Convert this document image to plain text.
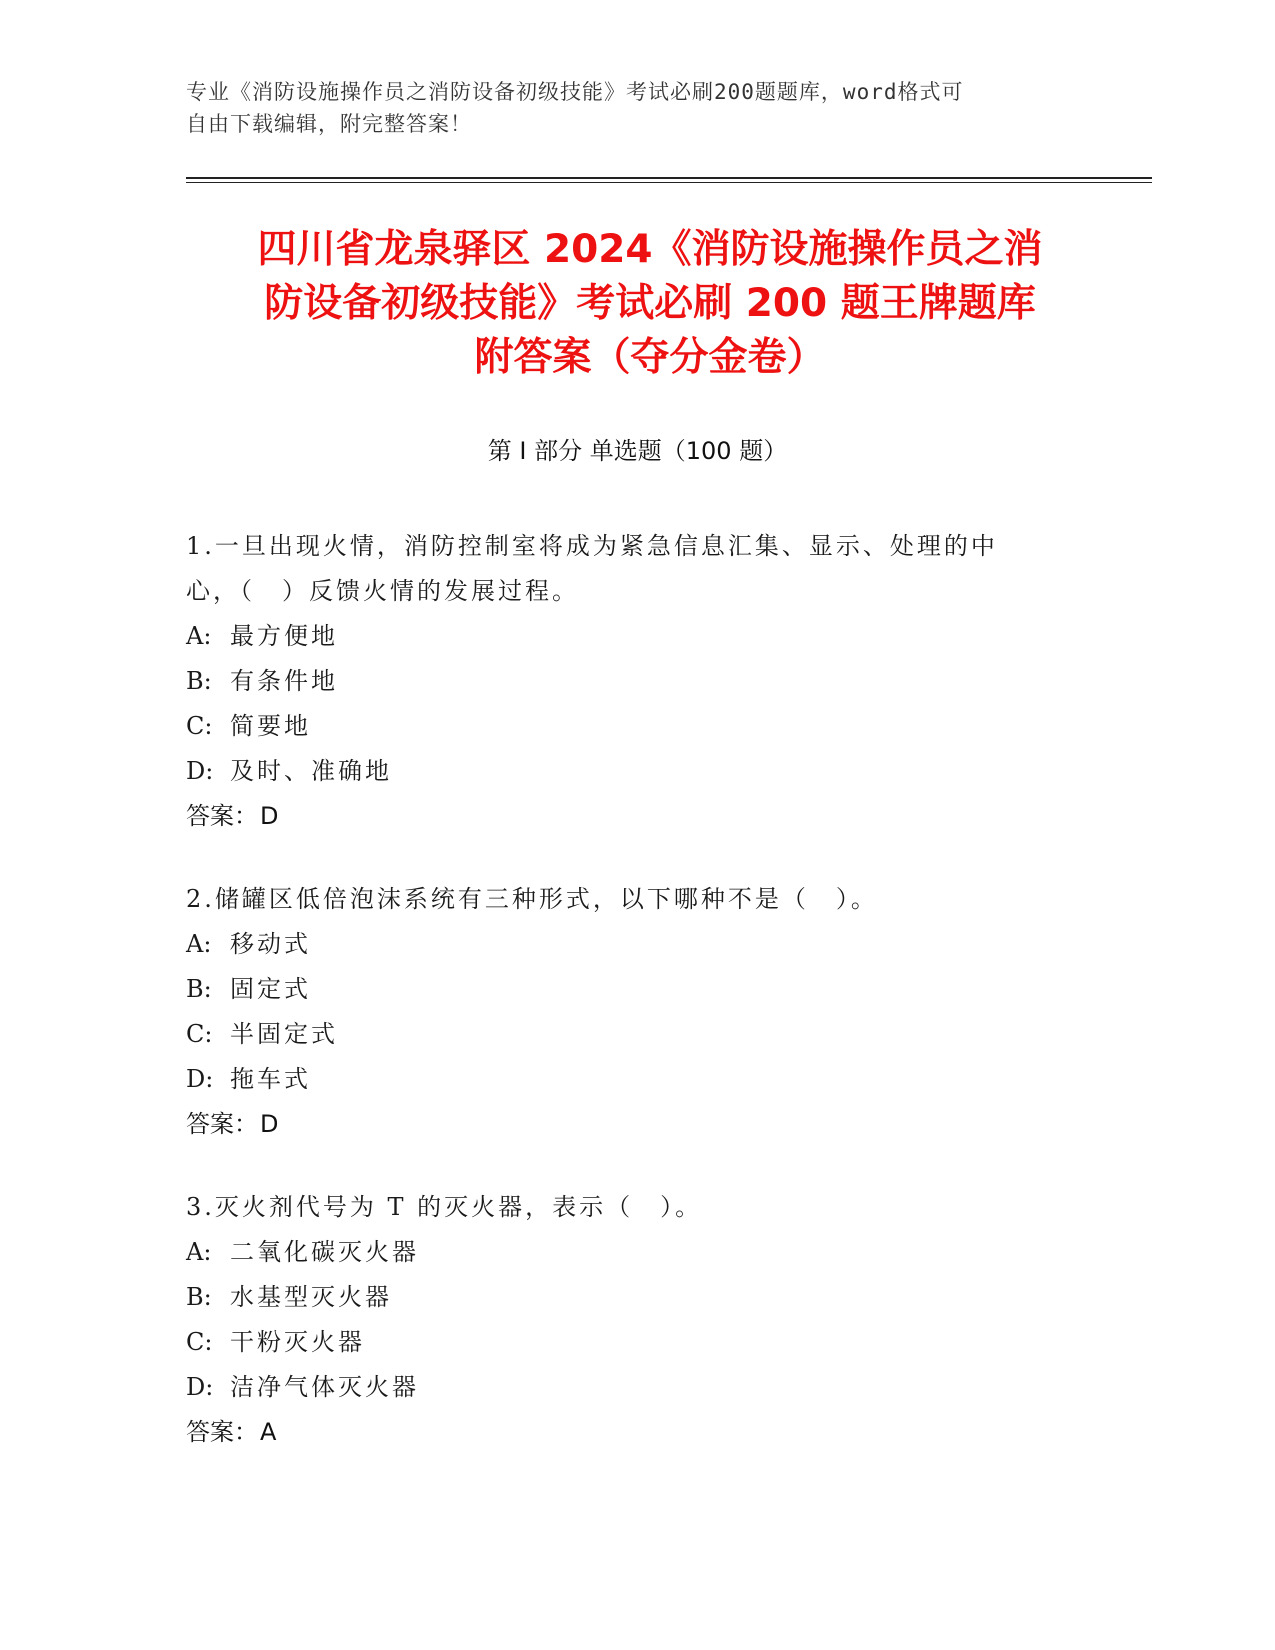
专业《消防设施操作员之消防设备初级技能》考试必刷200题题库，word格式可
自由下载编辑，附完整答案！
四川省龙泉驿区 2024《消防设施操作员之消
防设备初级技能》考试必刷 200 题王牌题库
附答案（夺分金卷）
第 I 部分 单选题（100 题）
1.一旦出现火情，消防控制室将成为紧急信息汇集、显示、处理的中
心，（　）反馈火情的发展过程。
A: 最方便地
B: 有条件地
C: 简要地
D: 及时、准确地
答案：D
2.储罐区低倍泡沫系统有三种形式，以下哪种不是（　）。
A: 移动式
B: 固定式
C: 半固定式
D: 拖车式
答案：D
3.灭火剂代号为 T 的灭火器，表示（　）。
A: 二氧化碳灭火器
B: 水基型灭火器
C: 干粉灭火器
D: 洁净气体灭火器
答案：A
